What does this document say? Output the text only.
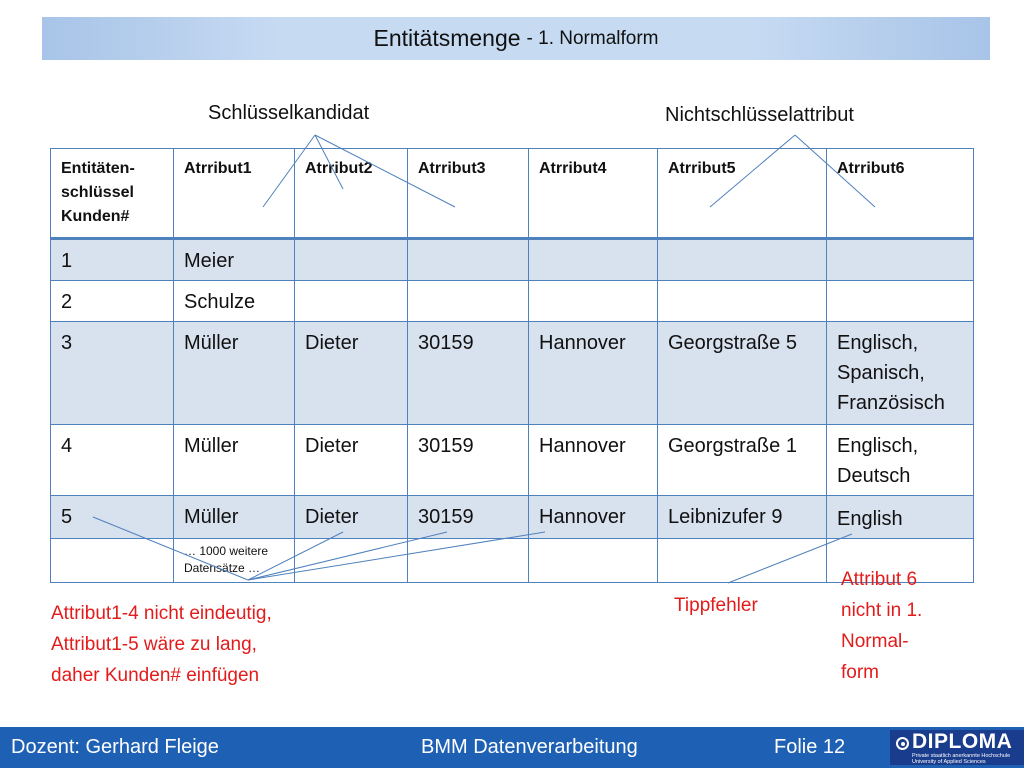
Entitätsmenge - 1. Normalform
Schlüsselkandidat	Nichtschlüsselattribut
Entitäten-
schlüssel
Kunden#	Atrribut1	Atrribut2	Atrribut3	Atrribut4	Atrribut5	Atrribut6
1	Meier					
2	Schulze					
3	Müller	Dieter	30159	Hannover	Georgstraße 5	Englisch,
Spanisch,
Französisch
4	Müller	Dieter	30159	Hannover	Georgstraße 1	Englisch,
Deutsch
5	Müller	Dieter	30159	Hannover	Leibnizufer 9	English
	… 1000 weitere
Datensätze …					
Attribut1-4 nicht eindeutig,
Attribut1-5 wäre zu lang,
daher Kunden# einfügen
Tippfehler
Attribut 6
nicht in 1.
Normal-
form
Dozent: Gerhard Fleige	BMM Datenverarbeitung	Folie 12	DIPLOMA
Private staatlich anerkannte Hochschule
University of Applied Sciences
